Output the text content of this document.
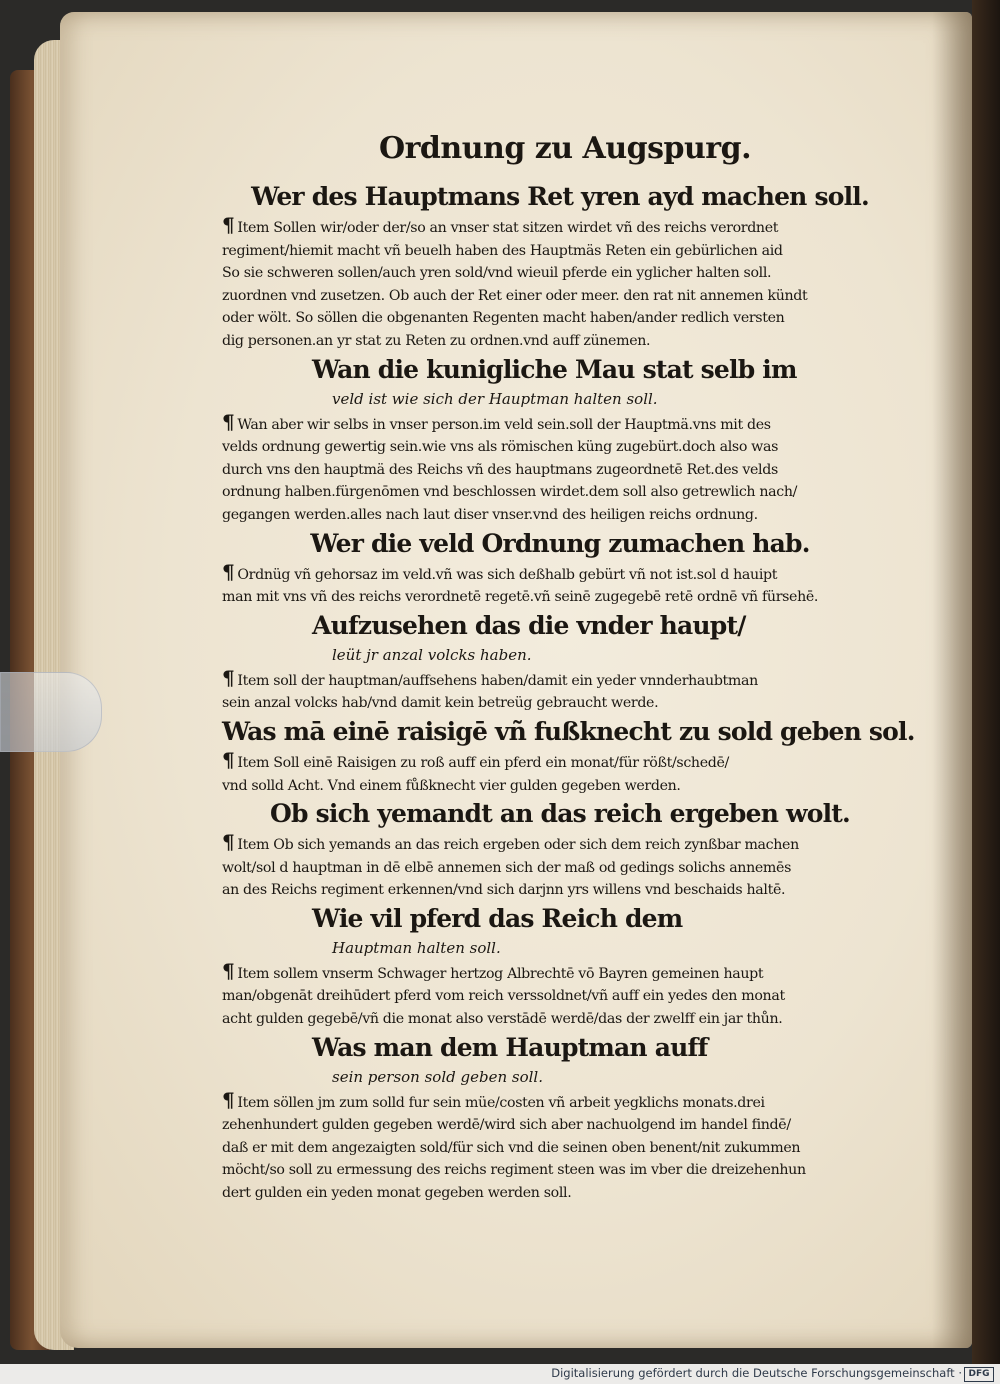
Ordnung zu Augspurg.
Wer des Hauptmans Ret yren ayd machen soll.
¶ Item Sollen wir/oder der/so an vnser stat sitzen wirdet vñ des reichs verordnet
regiment/hiemit macht vñ beuelh haben des Hauptmäs Reten ein gebürlichen aid
So sie schweren sollen/auch yren sold/vnd wieuil pferde ein yglicher halten soll.
zuordnen vnd zusetzen. Ob auch der Ret einer oder meer. den rat nit annemen kündt
oder wölt. So söllen die obgenanten Regenten macht haben/ander redlich versten
dig personen.an yr stat zu Reten zu ordnen.vnd auff zünemen.
Wan die kunigliche Mau stat selb im
veld ist wie sich der Hauptman halten soll.
¶ Wan aber wir selbs in vnser person.im veld sein.soll der Hauptmä.vns mit des
velds ordnung gewertig sein.wie vns als römischen küng zugebürt.doch also was
durch vns den hauptmä des Reichs vñ des hauptmans zugeordnetē Ret.des velds
ordnung halben.fürgenōmen vnd beschlossen wirdet.dem soll also getrewlich nach/
gegangen werden.alles nach laut diser vnser.vnd des heiligen reichs ordnung.
Wer die veld Ordnung zumachen hab.
¶ Ordnüg vñ gehorsaz im veld.vñ was sich deßhalb gebürt vñ not ist.sol d hauipt
man mit vns vñ des reichs verordnetē regetē.vñ seinē zugegebē retē ordnē vñ fürsehē.
Aufzusehen das die vnder haupt/
leüt jr anzal volcks haben.
¶ Item soll der hauptman/auffsehens haben/damit ein yeder vnnderhaubtman
sein anzal volcks hab/vnd damit kein betreüg gebraucht werde.
Was mā einē raisigē vñ fußknecht zu sold geben sol.
¶ Item Soll einē Raisigen zu roß auff ein pferd ein monat/für rößt/schedē/
vnd solld Acht. Vnd einem fůßknecht vier gulden gegeben werden.
Ob sich yemandt an das reich ergeben wolt.
¶ Item Ob sich yemands an das reich ergeben oder sich dem reich zynßbar machen
wolt/sol d hauptman in dē elbē annemen sich der maß od gedings solichs annemēs
an des Reichs regiment erkennen/vnd sich darjnn yrs willens vnd beschaids haltē.
Wie vil pferd das Reich dem
Hauptman halten soll.
¶ Item sollem vnserm Schwager hertzog Albrechtē vō Bayren gemeinen haupt
man/obgenāt dreihūdert pferd vom reich verssoldnet/vñ auff ein yedes den monat
acht gulden gegebē/vñ die monat also verstādē werdē/das der zwelff ein jar thůn.
Was man dem Hauptman auff
sein person sold geben soll.
¶ Item söllen jm zum solld fur sein müe/costen vñ arbeit yegklichs monats.drei
zehenhundert gulden gegeben werdē/wird sich aber nachuolgend im handel findē/
daß er mit dem angezaigten sold/für sich vnd die seinen oben benent/nit zukummen
möcht/so soll zu ermessung des reichs regiment steen was im vber die dreizehenhun
dert gulden ein yeden monat gegeben werden soll.
Digitalisierung gefördert durch die Deutsche Forschungsgemeinschaft · DFG
